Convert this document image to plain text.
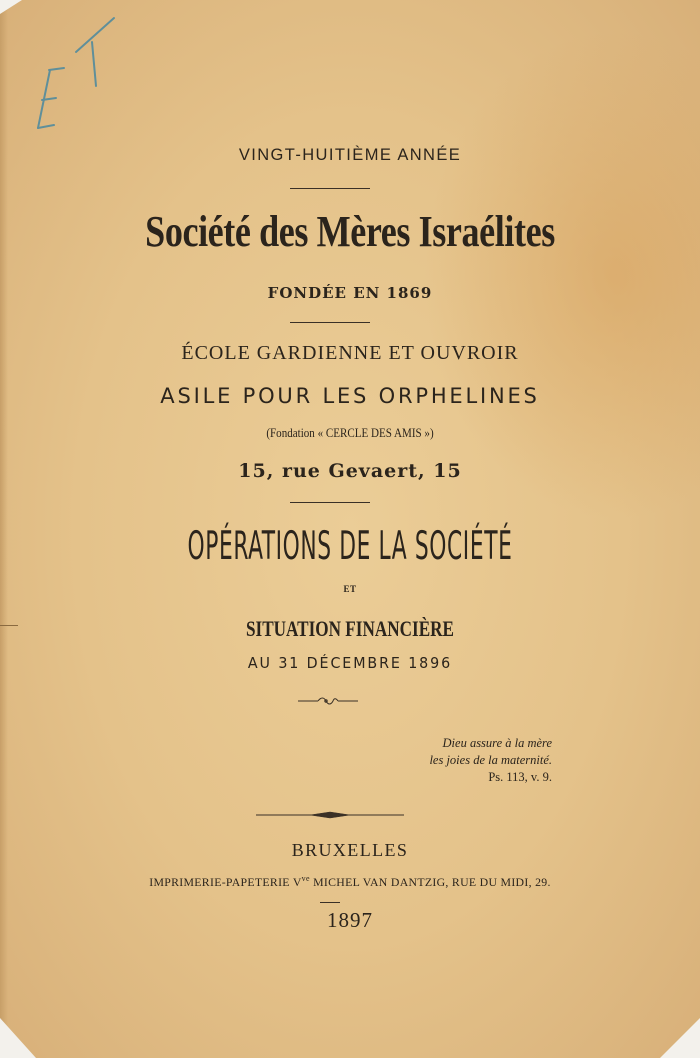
VINGT-HUITIÈME ANNÉE
Société des Mères Israélites
FONDÉE EN 1869
ÉCOLE GARDIENNE ET OUVROIR
ASILE POUR LES ORPHELINES
(Fondation « CERCLE DES AMIS »)
15, rue Gevaert, 15
OPÉRATIONS DE LA SOCIÉTÉ
ET
SITUATION FINANCIÈRE
AU 31 DÉCEMBRE 1896
Dieu assure à la mère
les joies de la maternité.
Ps. 113, v. 9.
BRUXELLES
IMPRIMERIE-PAPETERIE $V^{ve}$ MICHEL VAN DANTZIG, RUE DU MIDI, 29.
1897
